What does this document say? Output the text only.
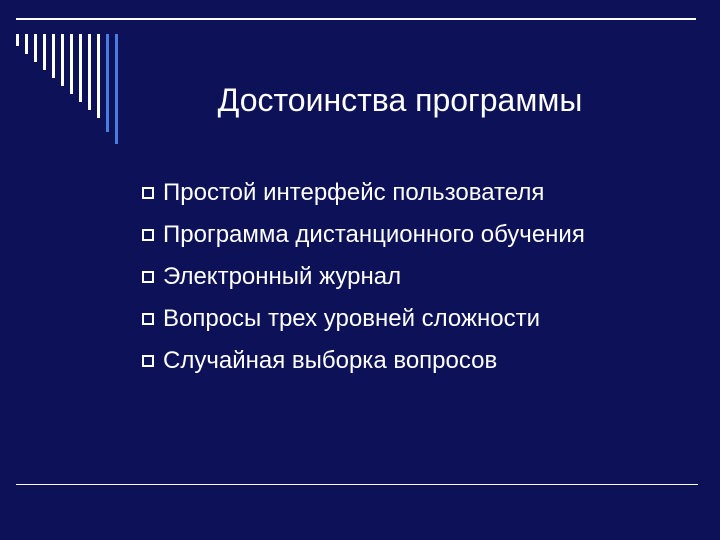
Достоинства программы
Простой интерфейс пользователя
Программа дистанционного обучения
Электронный журнал
Вопросы трех уровней сложности
Случайная выборка вопросов
